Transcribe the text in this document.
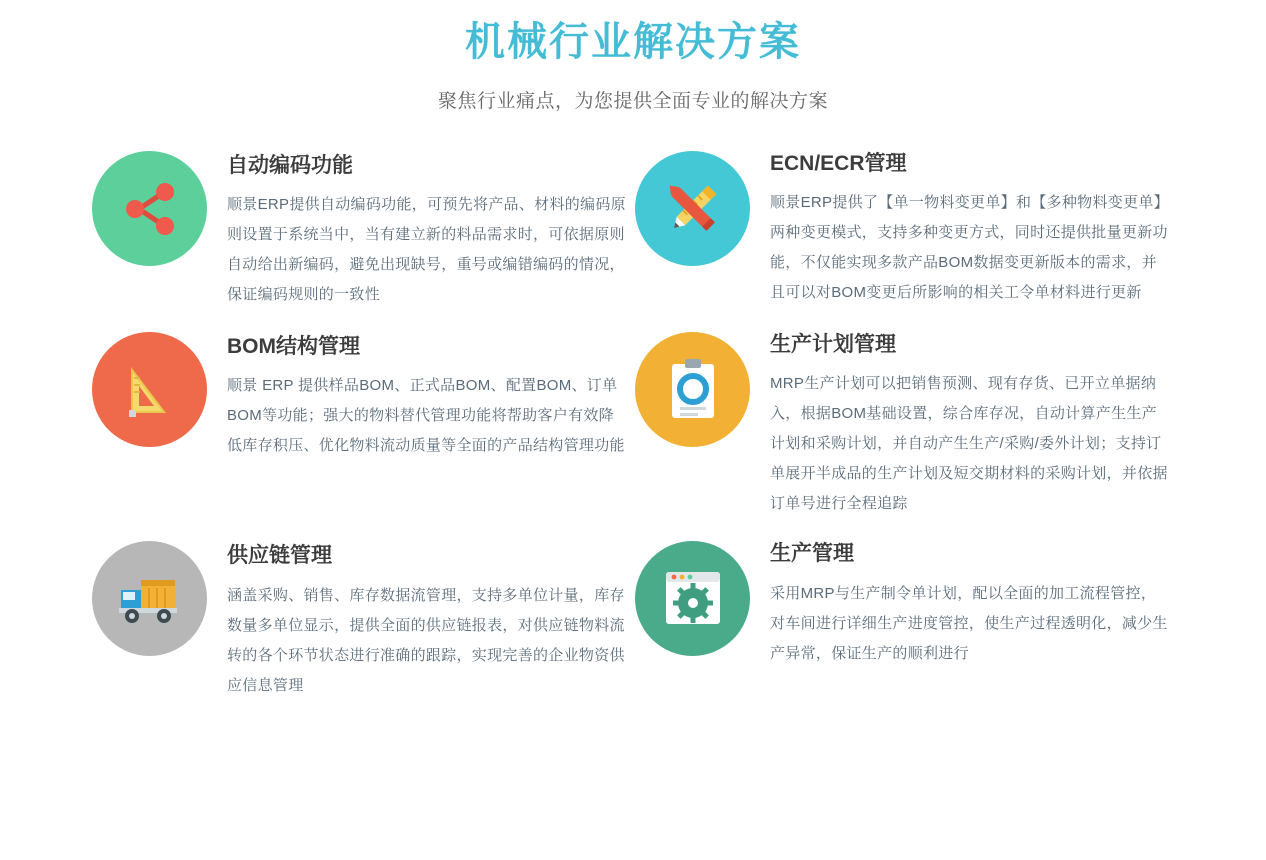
机械行业解决方案

聚焦行业痛点，为您提供全面专业的解决方案

自动编码功能

顺景ERP提供自动编码功能，可预先将产品、材料的编码原则设置于系统当中，当有建立新的料品需求时，可依据原则自动给出新编码，避免出现缺号，重号或编错编码的情况，保证编码规则的一致性

ECN/ECR管理

顺景ERP提供了【单一物料变更单】和【多种物料变更单】两种变更模式，支持多种变更方式，同时还提供批量更新功能，不仅能实现多款产品BOM数据变更新版本的需求，并且可以对BOM变更后所影响的相关工令单材料进行更新

BOM结构管理

顺景 ERP 提供样品BOM、正式品BOM、配置BOM、订单BOM等功能；强大的物料替代管理功能将帮助客户有效降低库存积压、优化物料流动质量等全面的产品结构管理功能

生产计划管理

MRP生产计划可以把销售预测、现有存货、已开立单据纳入，根据BOM基础设置，综合库存况，自动计算产生生产计划和采购计划，并自动产生生产/采购/委外计划；支持订单展开半成品的生产计划及短交期材料的采购计划，并依据订单号进行全程追踪

供应链管理

涵盖采购、销售、库存数据流管理，支持多单位计量，库存数量多单位显示，提供全面的供应链报表，对供应链物料流转的各个环节状态进行准确的跟踪，实现完善的企业物资供应信息管理

生产管理

采用MRP与生产制令单计划，配以全面的加工流程管控，对车间进行详细生产进度管控，使生产过程透明化，减少生产异常，保证生产的顺利进行
